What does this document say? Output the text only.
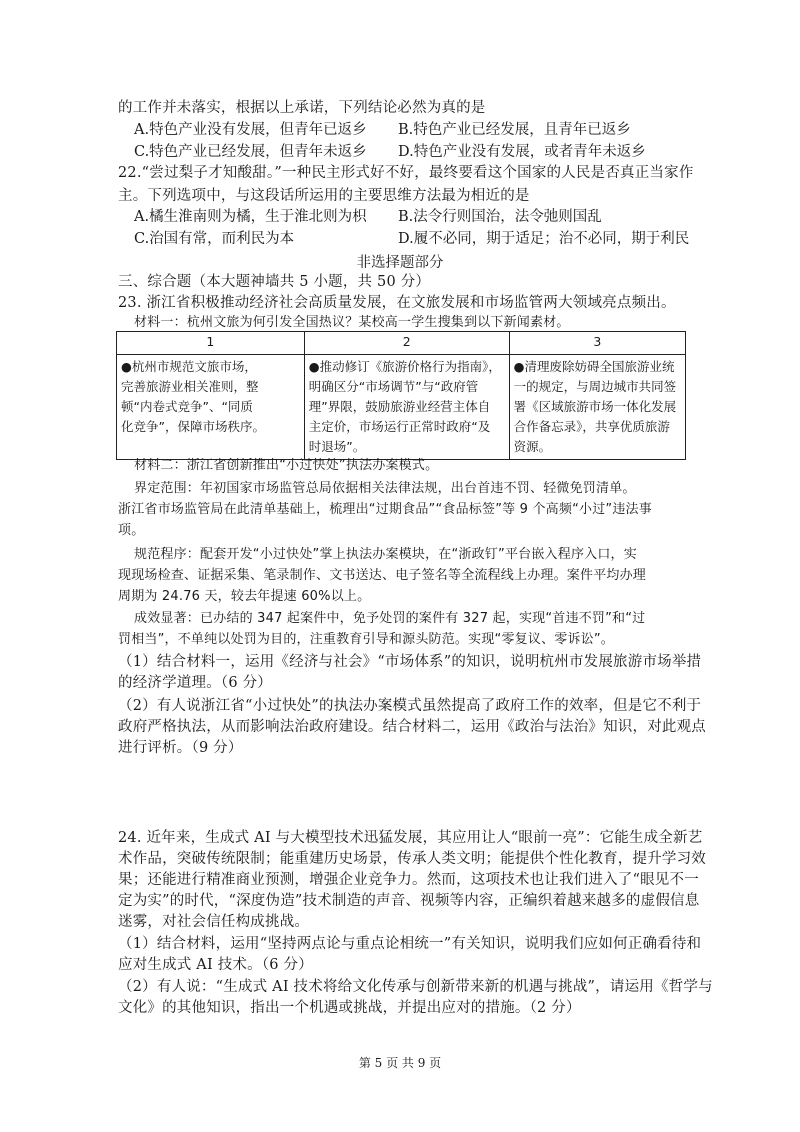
的工作并未落实，根据以上承诺，下列结论必然为真的是
A.特色产业没有发展，但青年已返乡 B.特色产业已经发展，且青年已返乡
C.特色产业已经发展，但青年未返乡 D.特色产业没有发展，或者青年未返乡
22.“尝过梨子才知酸甜。”一种民主形式好不好，最终要看这个国家的人民是否真正当家作
主。下列选项中，与这段话所运用的主要思维方法最为相近的是
A.橘生淮南则为橘，生于淮北则为枳 B.法令行则国治，法令弛则国乱
C.治国有常，而利民为本	D.履不必同，期于适足；治不必同，期于利民
非选择题部分
三、综合题（本大题神墙共 5 小题，共 50 分）
23. 浙江省积极推动经济社会高质量发展，在文旅发展和市场监管两大领域亮点频出。
材料一：杭州文旅为何引发全国热议？某校高一学生搜集到以下新闻素材。
1	2	3
●杭州市规范文旅市场，
完善旅游业相关准则，整
顿“内卷式竞争”、“同质
化竞争”，保障市场秩序。	●推动修订《旅游价格行为指南》，
明确区分“市场调节”与“政府管
理”界限，鼓励旅游业经营主体自
主定价，市场运行正常时政府“及
时退场”。	●清理废除妨碍全国旅游业统
一的规定，与周边城市共同签
署《区域旅游市场一体化发展
合作备忘录》，共享优质旅游
资源。
材料二：浙江省创新推出“小过快处”执法办案模式。
界定范围：年初国家市场监管总局依据相关法律法规，出台首违不罚、轻微免罚清单。
浙江省市场监管局在此清单基础上，梳理出“过期食品”“食品标签”等 9 个高频“小过”违法事
项。
规范程序：配套开发“小过快处”掌上执法办案模块，在“浙政钉”平台嵌入程序入口，实
现现场检查、证据采集、笔录制作、文书送达、电子签名等全流程线上办理。案件平均办理
周期为 24.76 天，较去年提速 60%以上。
成效显著：已办结的 347 起案件中，免予处罚的案件有 327 起，实现“首违不罚”和“过
罚相当”，不单纯以处罚为目的，注重教育引导和源头防范。实现“零复议、零诉讼”。
（1）结合材料一，运用《经济与社会》“市场体系”的知识，说明杭州市发展旅游市场举措
的经济学道理。（6 分）
（2）有人说浙江省“小过快处”的执法办案模式虽然提高了政府工作的效率，但是它不利于
政府严格执法，从而影响法治政府建设。结合材料二，运用《政治与法治》知识，对此观点
进行评析。（9 分）
24. 近年来，生成式 AI 与大模型技术迅猛发展，其应用让人“眼前一亮”：它能生成全新艺
术作品，突破传统限制；能重建历史场景，传承人类文明；能提供个性化教育，提升学习效
果；还能进行精准商业预测，增强企业竞争力。然而，这项技术也让我们进入了“眼见不一
定为实”的时代，“深度伪造”技术制造的声音、视频等内容，正编织着越来越多的虚假信息
迷雾，对社会信任构成挑战。
（1）结合材料，运用“坚持两点论与重点论相统一”有关知识，说明我们应如何正确看待和
应对生成式 AI 技术。（6 分）
（2）有人说：“生成式 AI 技术将给文化传承与创新带来新的机遇与挑战”，请运用《哲学与
文化》的其他知识，指出一个机遇或挑战，并提出应对的措施。（2 分）
第 5 页 共 9 页
